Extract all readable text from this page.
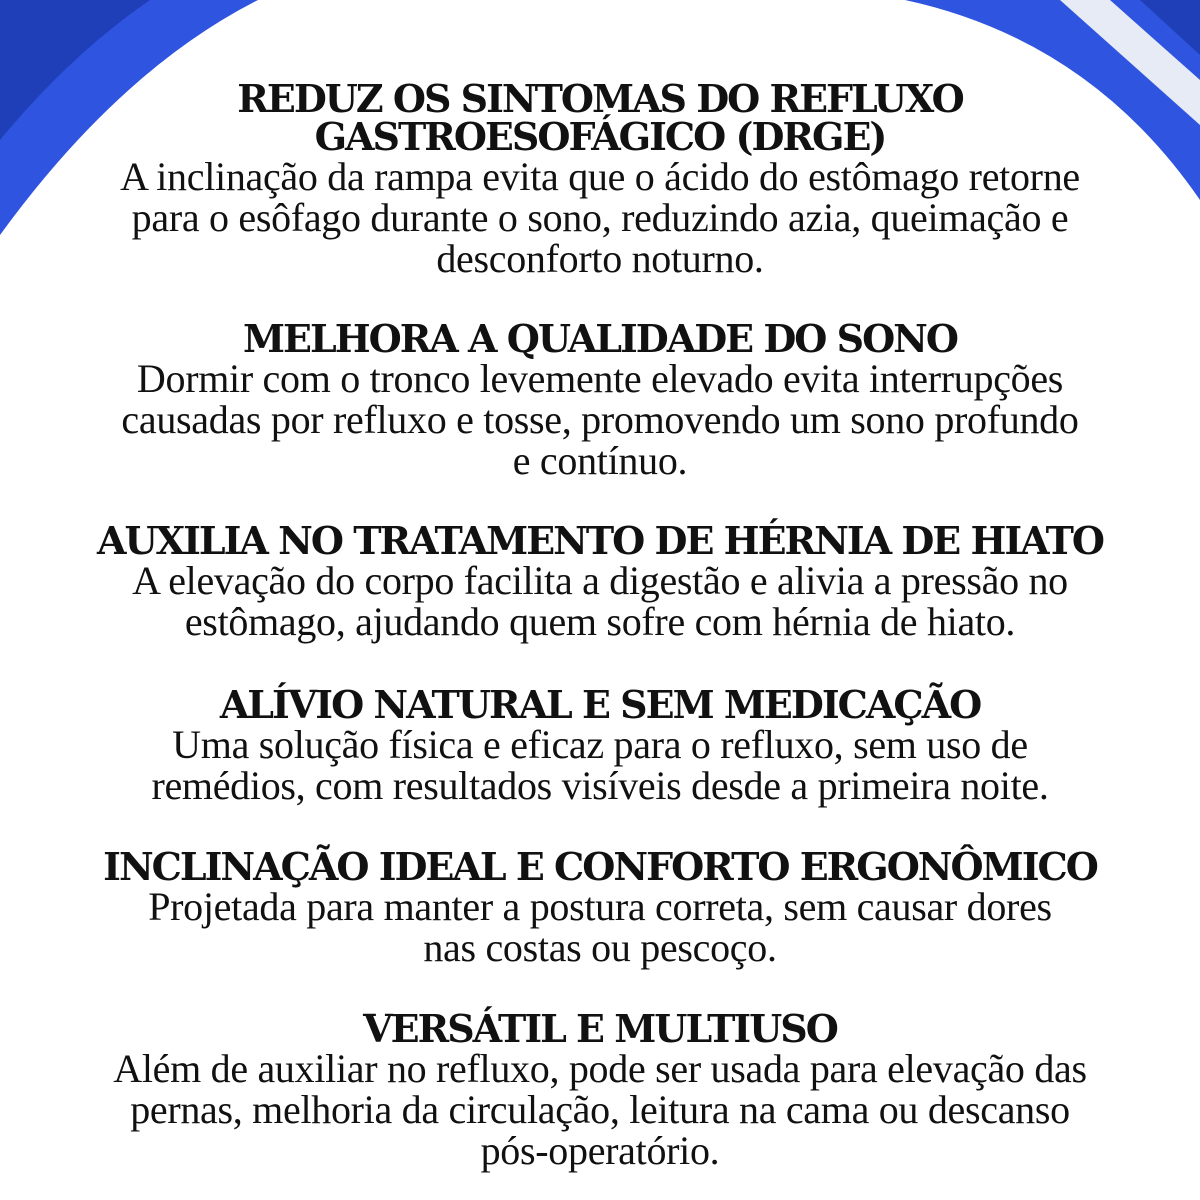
REDUZ OS SINTOMAS DO REFLUXO
GASTROESOFÁGICO (DRGE)

A inclinação da rampa evita que o ácido do estômago retorne
para o esôfago durante o sono, reduzindo azia, queimação e
desconforto noturno.

MELHORA A QUALIDADE DO SONO

Dormir com o tronco levemente elevado evita interrupções
causadas por refluxo e tosse, promovendo um sono profundo
e contínuo.

AUXILIA NO TRATAMENTO DE HÉRNIA DE HIATO

A elevação do corpo facilita a digestão e alivia a pressão no
estômago, ajudando quem sofre com hérnia de hiato.

ALÍVIO NATURAL E SEM MEDICAÇÃO

Uma solução física e eficaz para o refluxo, sem uso de
remédios, com resultados visíveis desde a primeira noite.

INCLINAÇÃO IDEAL E CONFORTO ERGONÔMICO

Projetada para manter a postura correta, sem causar dores
nas costas ou pescoço.

VERSÁTIL E MULTIUSO

Além de auxiliar no refluxo, pode ser usada para elevação das
pernas, melhoria da circulação, leitura na cama ou descanso
pós-operatório.
